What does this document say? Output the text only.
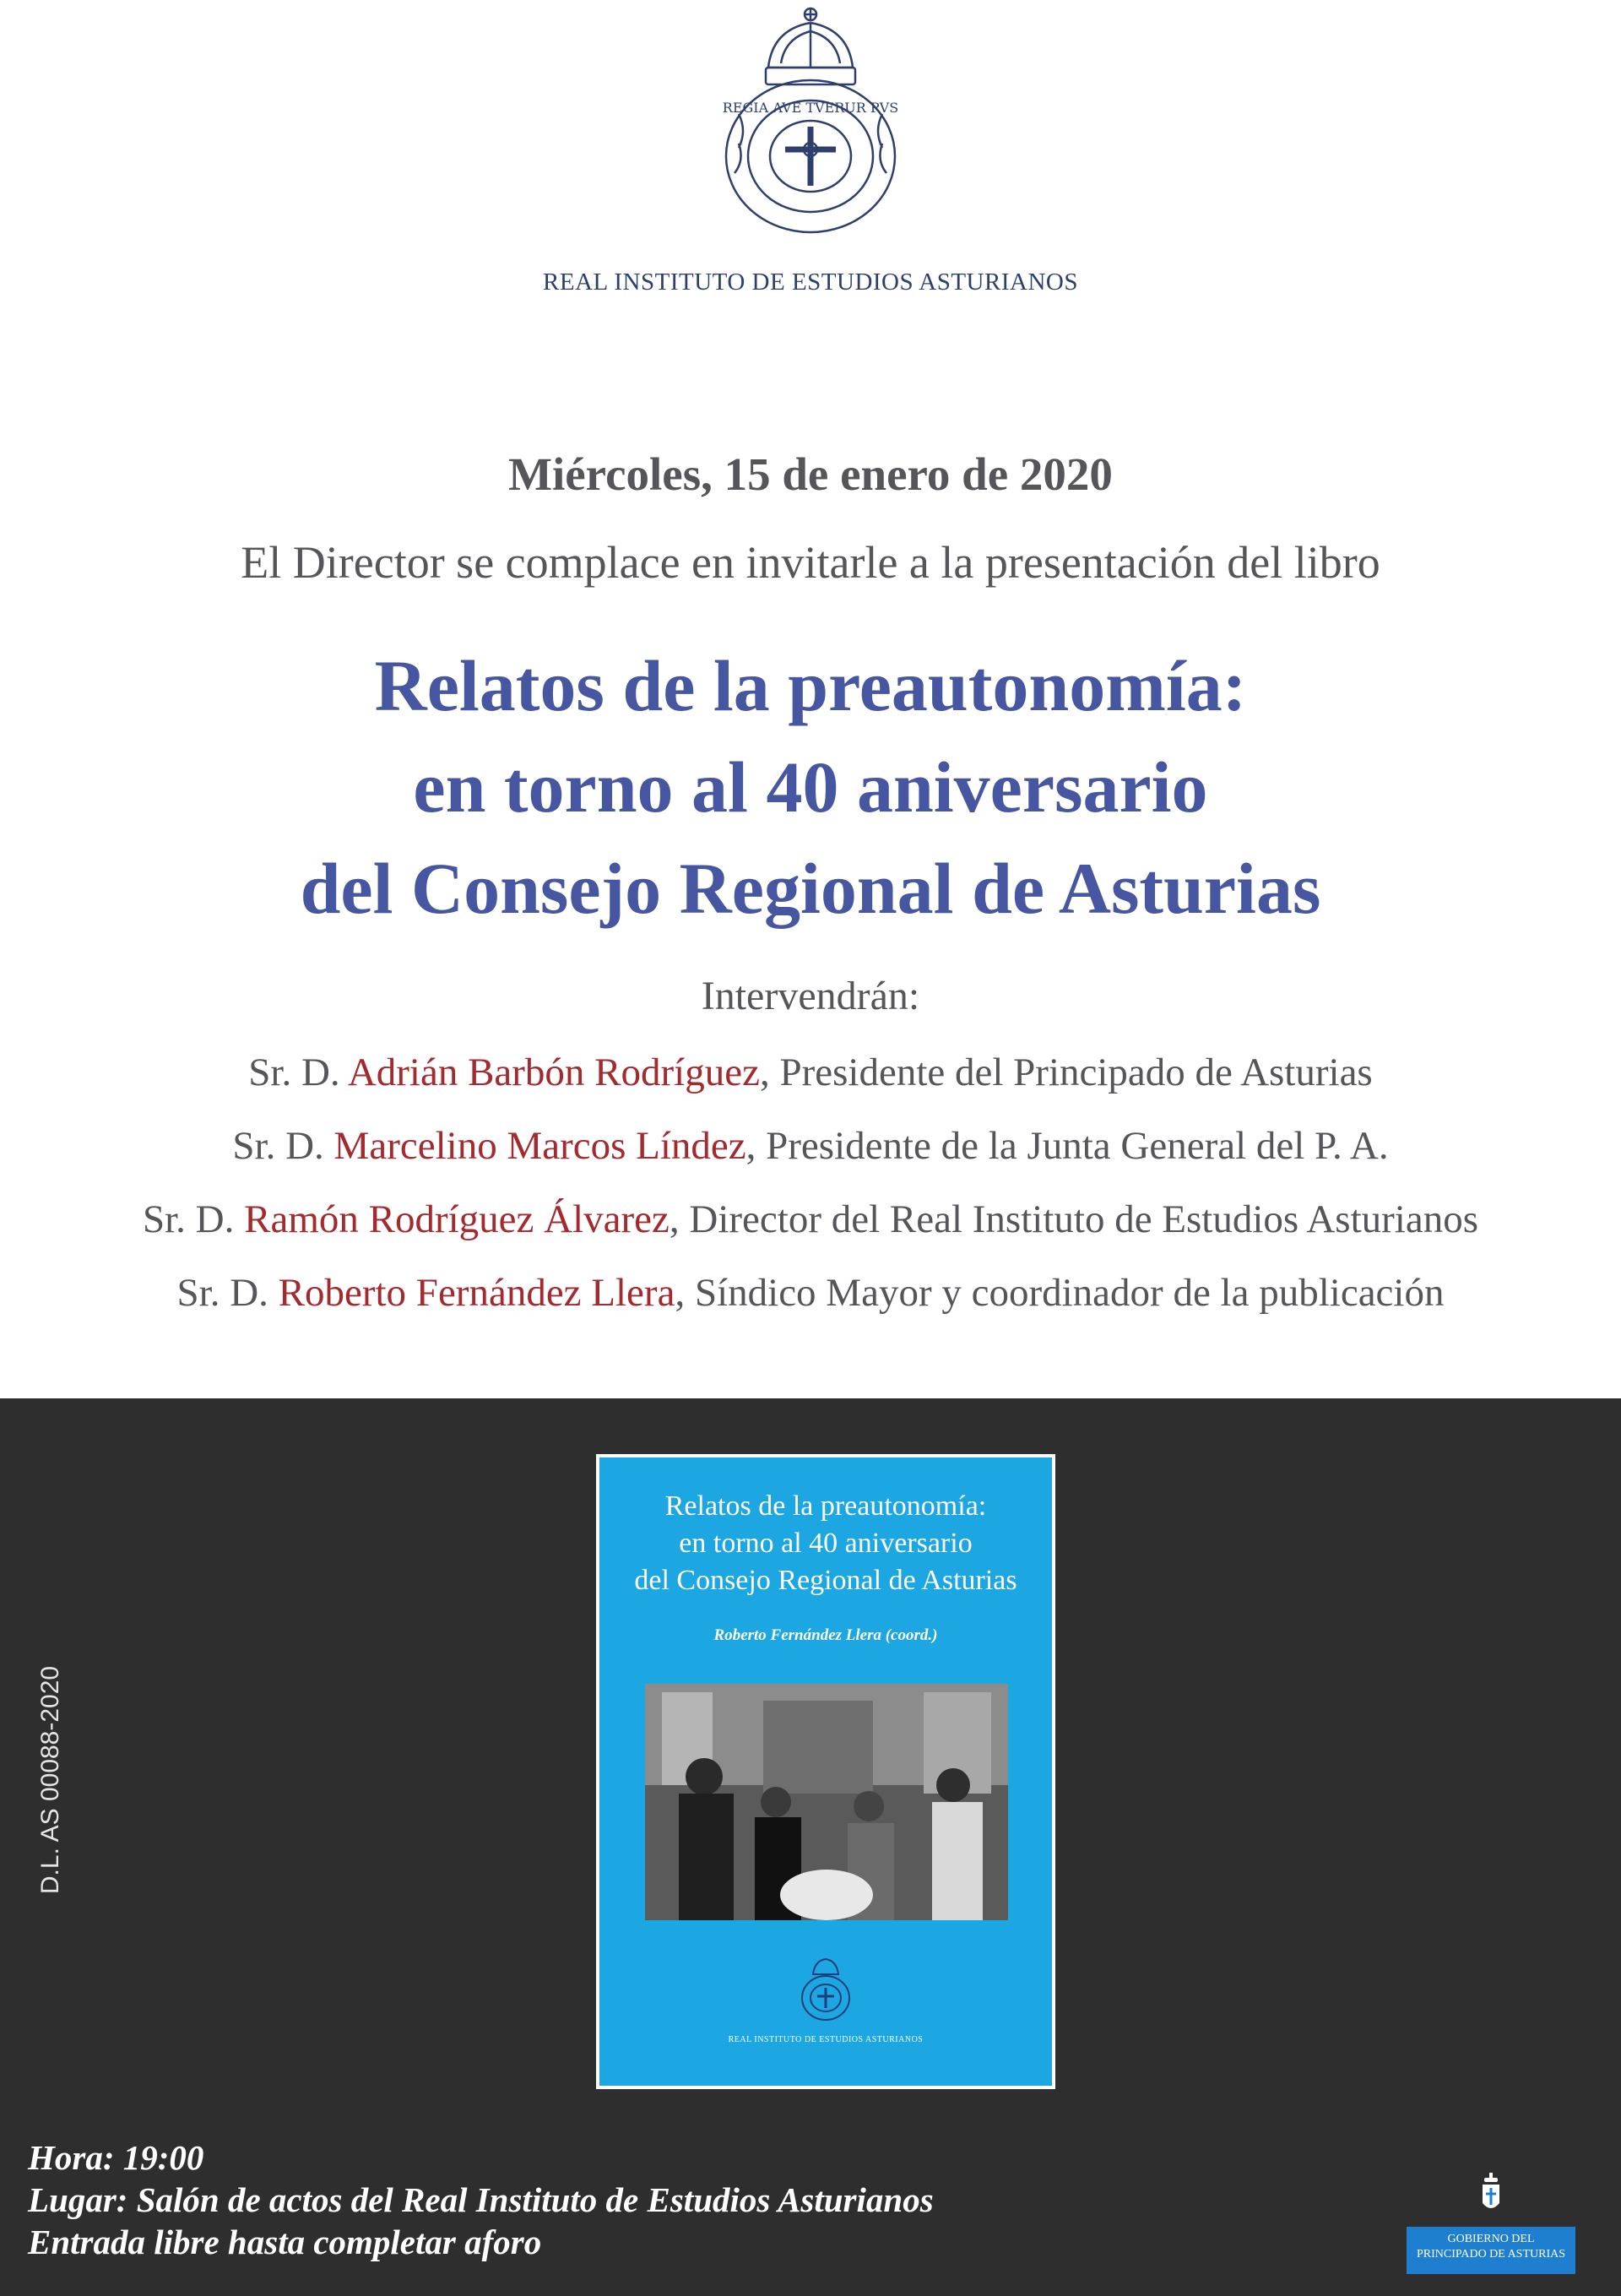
REGIA AVE TVERUR PVS
REAL INSTITUTO DE ESTUDIOS ASTURIANOS
Miércoles, 15 de enero de 2020
El Director se complace en invitarle a la presentación del libro
Relatos de la preautonomía:
en torno al 40 aniversario
del Consejo Regional de Asturias
Intervendrán:
Sr. D. Adrián Barbón Rodríguez, Presidente del Principado de Asturias
Sr. D. Marcelino Marcos Líndez, Presidente de la Junta General del P. A.
Sr. D. Ramón Rodríguez Álvarez, Director del Real Instituto de Estudios Asturianos
Sr. D. Roberto Fernández Llera, Síndico Mayor y coordinador de la publicación
D.L. AS 00088-2020
Relatos de la preautonomía:
en torno al 40 aniversario
del Consejo Regional de Asturias
Roberto Fernández Llera (coord.)
REAL INSTITUTO DE ESTUDIOS ASTURIANOS
Hora: 19:00
Lugar: Salón de actos del Real Instituto de Estudios Asturianos
Entrada libre hasta completar aforo	GOBIERNO DEL
PRINCIPADO DE ASTURIAS
